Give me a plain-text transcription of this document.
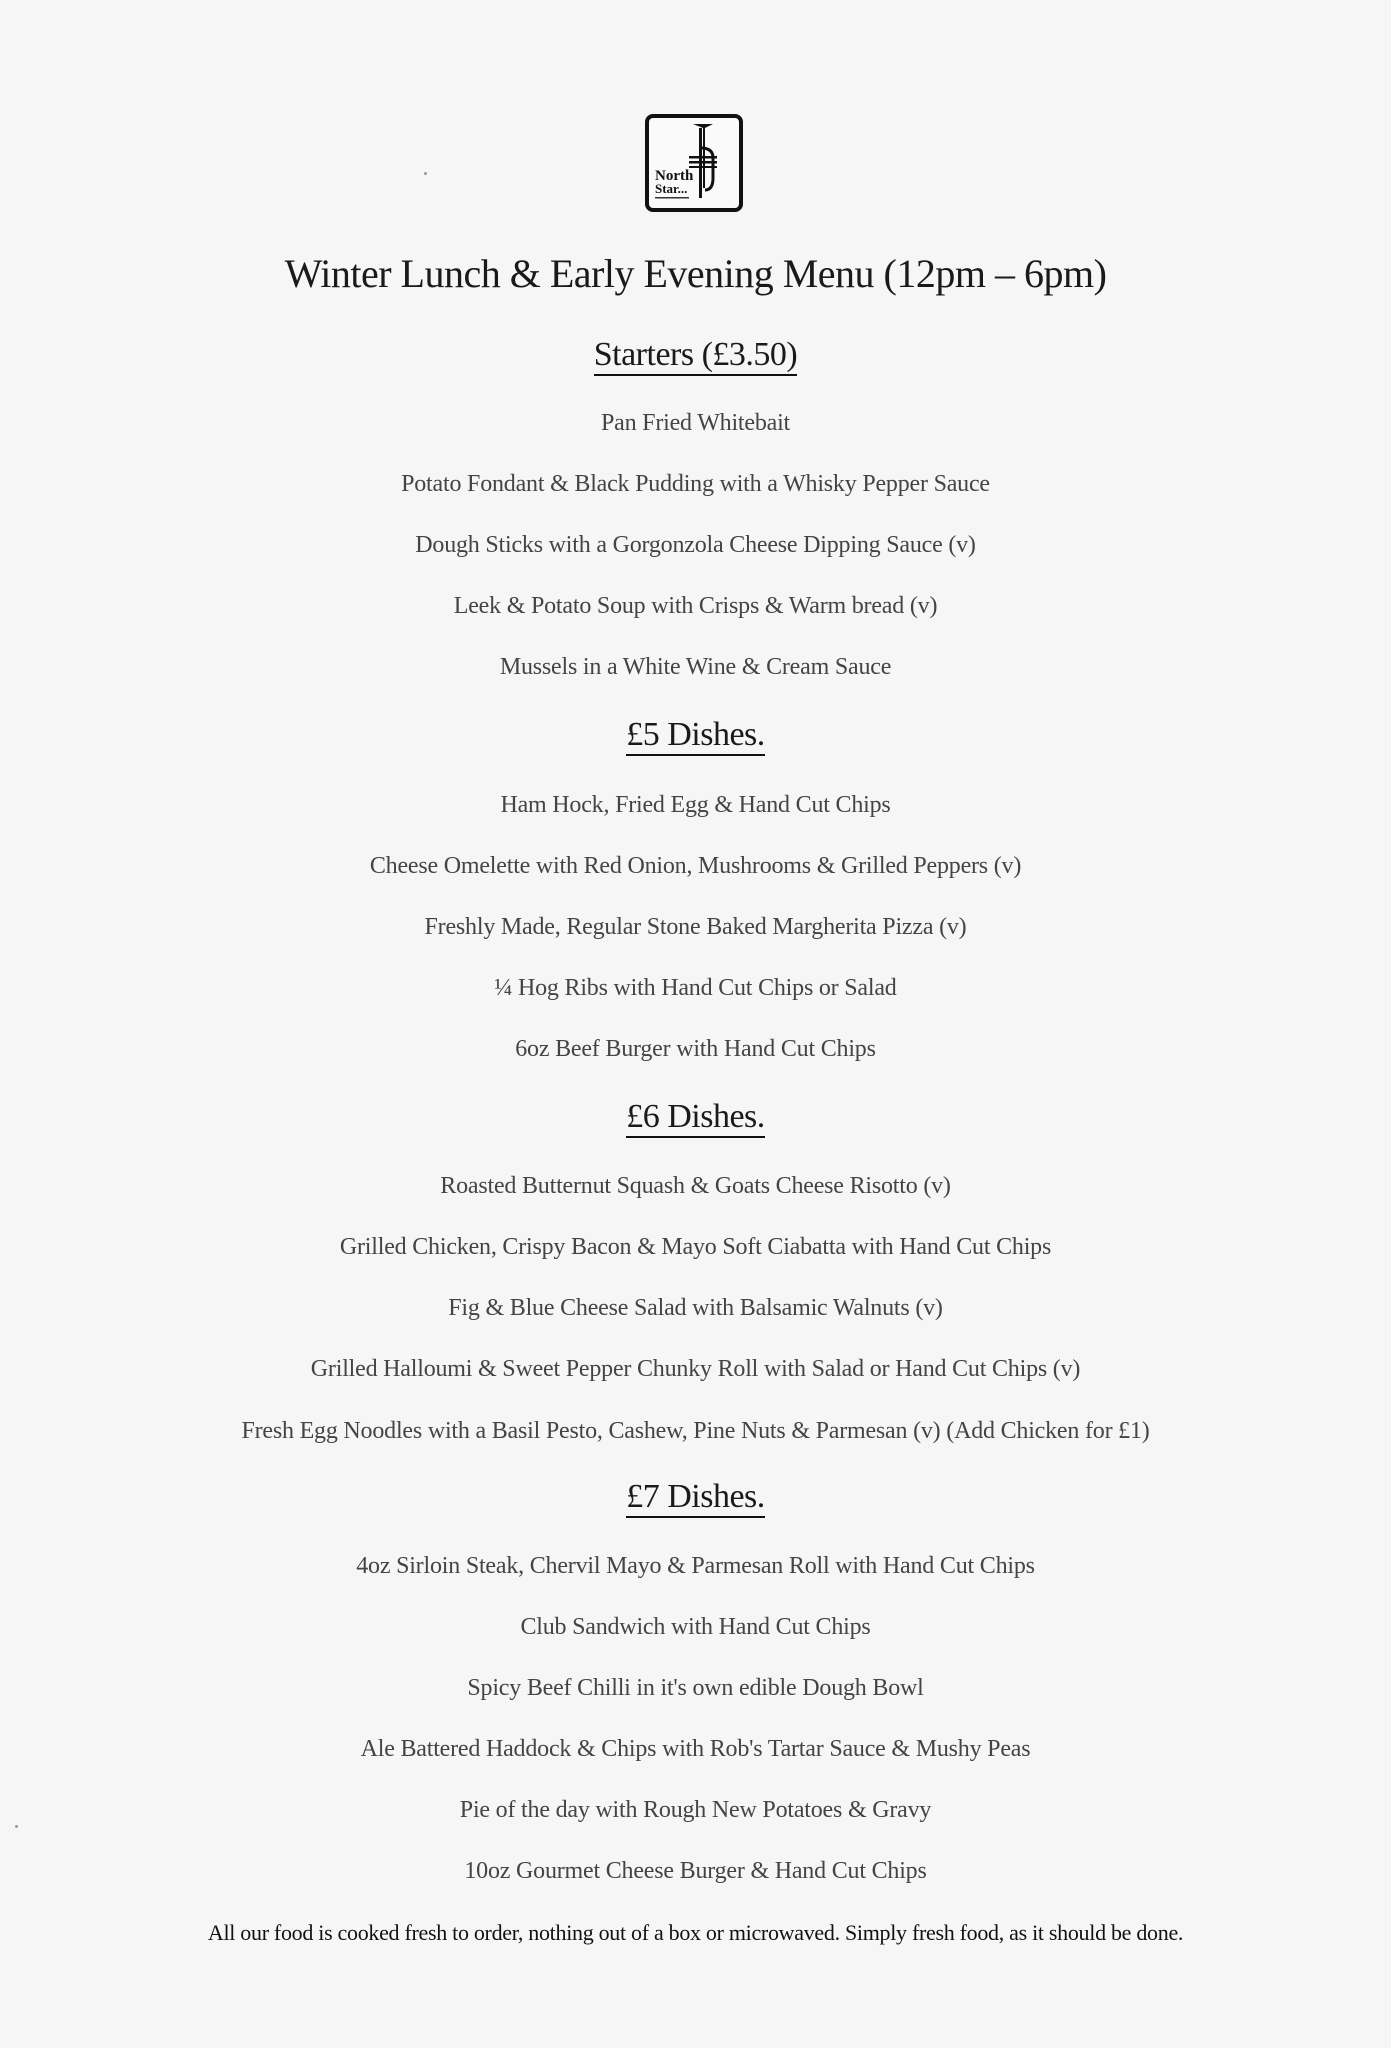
North
Star...
Winter Lunch & Early Evening Menu (12pm – 6pm)
Starters (£3.50)
Pan Fried Whitebait
Potato Fondant & Black Pudding with a Whisky Pepper Sauce
Dough Sticks with a Gorgonzola Cheese Dipping Sauce (v)
Leek & Potato Soup with Crisps & Warm bread (v)
Mussels in a White Wine & Cream Sauce
£5 Dishes.
Ham Hock, Fried Egg & Hand Cut Chips
Cheese Omelette with Red Onion, Mushrooms & Grilled Peppers (v)
Freshly Made, Regular Stone Baked Margherita Pizza (v)
¼ Hog Ribs with Hand Cut Chips or Salad
6oz Beef Burger with Hand Cut Chips
£6 Dishes.
Roasted Butternut Squash & Goats Cheese Risotto (v)
Grilled Chicken, Crispy Bacon & Mayo Soft Ciabatta with Hand Cut Chips
Fig & Blue Cheese Salad with Balsamic Walnuts (v)
Grilled Halloumi & Sweet Pepper Chunky Roll with Salad or Hand Cut Chips (v)
Fresh Egg Noodles with a Basil Pesto, Cashew, Pine Nuts & Parmesan (v) (Add Chicken for £1)
£7 Dishes.
4oz Sirloin Steak, Chervil Mayo & Parmesan Roll with Hand Cut Chips
Club Sandwich with Hand Cut Chips
Spicy Beef Chilli in it's own edible Dough Bowl
Ale Battered Haddock & Chips with Rob's Tartar Sauce & Mushy Peas
Pie of the day with Rough New Potatoes & Gravy
10oz Gourmet Cheese Burger & Hand Cut Chips
All our food is cooked fresh to order, nothing out of a box or microwaved. Simply fresh food, as it should be done.
